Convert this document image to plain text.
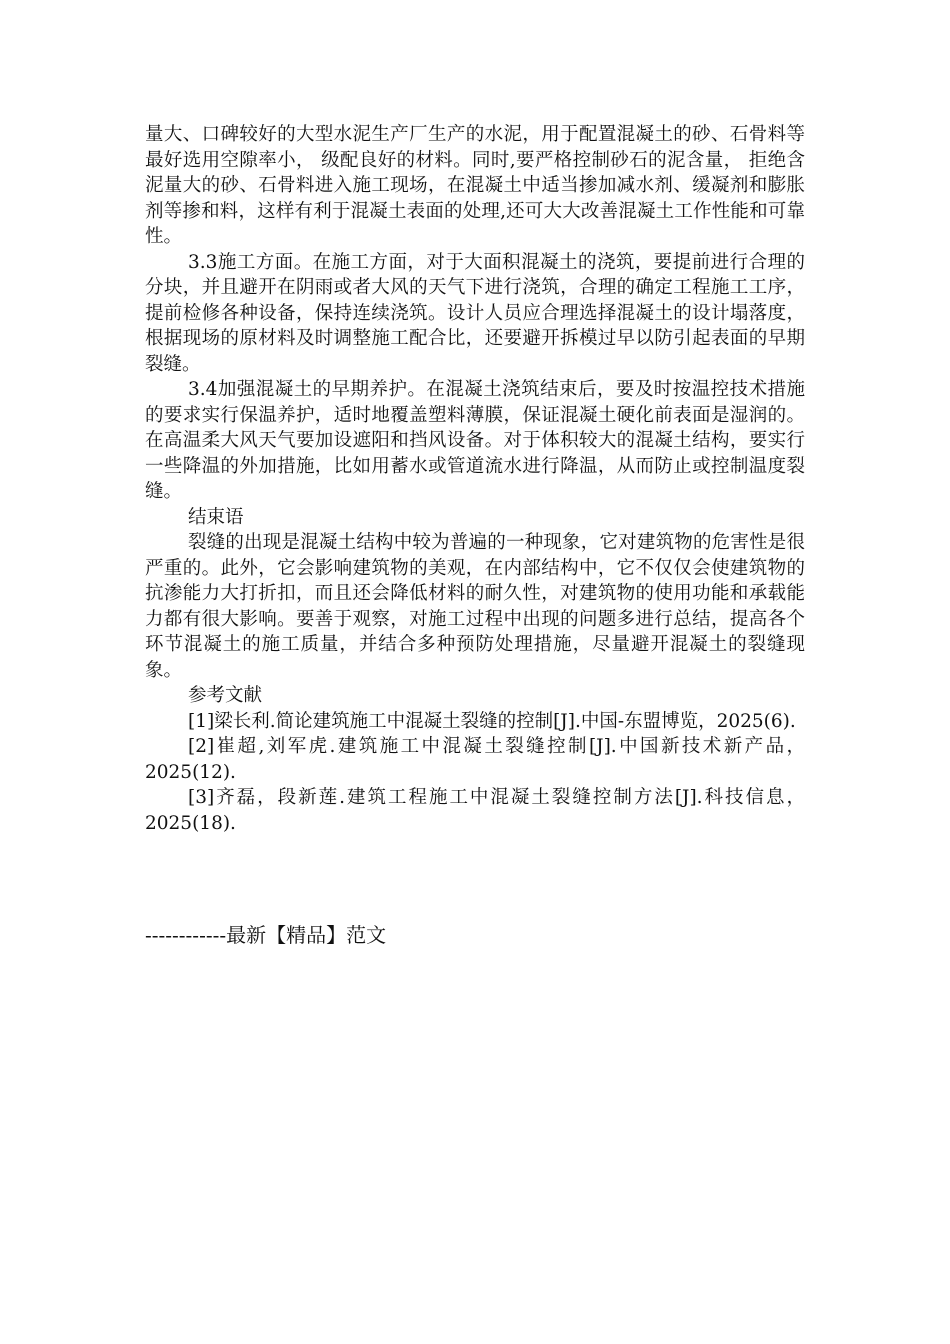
量大、口碑较好的大型水泥生产厂生产的水泥，用于配置混凝土的砂、石骨料等最好选用空隙率小， 级配良好的材料。同时,要严格控制砂石的泥含量， 拒绝含泥量大的砂、石骨料进入施工现场，在混凝土中适当掺加减水剂、缓凝剂和膨胀剂等掺和料，这样有利于混凝土表面的处理,还可大大改善混凝土工作性能和可靠性。

3.3施工方面。在施工方面，对于大面积混凝土的浇筑，要提前进行合理的分块，并且避开在阴雨或者大风的天气下进行浇筑，合理的确定工程施工工序，提前检修各种设备，保持连续浇筑。设计人员应合理选择混凝土的设计塌落度，根据现场的原材料及时调整施工配合比，还要避开拆模过早以防引起表面的早期裂缝。

3.4加强混凝土的早期养护。在混凝土浇筑结束后，要及时按温控技术措施的要求实行保温养护，适时地覆盖塑料薄膜，保证混凝土硬化前表面是湿润的。在高温柔大风天气要加设遮阳和挡风设备。对于体积较大的混凝土结构，要实行一些降温的外加措施，比如用蓄水或管道流水进行降温，从而防止或控制温度裂缝。

结束语

裂缝的出现是混凝土结构中较为普遍的一种现象，它对建筑物的危害性是很严重的。此外，它会影响建筑物的美观，在内部结构中，它不仅仅会使建筑物的抗渗能力大打折扣，而且还会降低材料的耐久性，对建筑物的使用功能和承载能力都有很大影响。要善于观察，对施工过程中出现的问题多进行总结，提高各个环节混凝土的施工质量，并结合多种预防处理措施，尽量避开混凝土的裂缝现象。

参考文献

[1]梁长利.简论建筑施工中混凝土裂缝的控制[J].中国-东盟博览，2025(6).

[2]崔超,刘军虎.建筑施工中混凝土裂缝控制[J].中国新技术新产品，2025(12).

[3]齐磊，段新莲.建筑工程施工中混凝土裂缝控制方法[J].科技信息，2025(18).

------------最新【精品】范文
